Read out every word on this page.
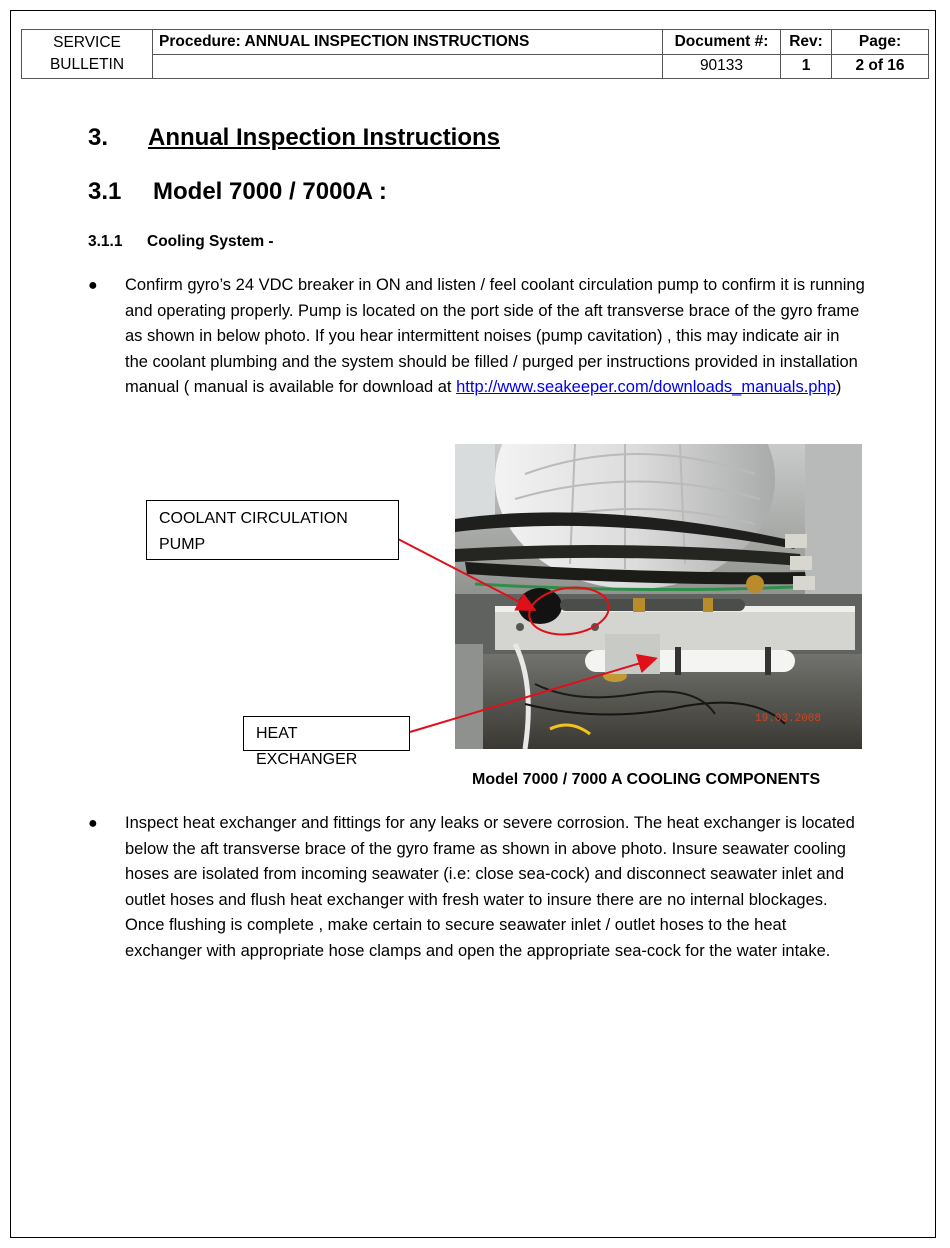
SERVICE
BULLETIN	Procedure: ANNUAL INSPECTION INSTRUCTIONS	Document #:	Rev:	Page:
		90133	1	2 of 16
3. Annual Inspection Instructions
3.1 Model 7000 / 7000A :
3.1.1 Cooling System -
● Confirm gyro’s 24 VDC breaker in ON and listen / feel coolant circulation pump to confirm it is running and operating properly. Pump is located on the port side of the aft transverse brace of the gyro frame as shown in below photo. If you hear intermittent noises (pump cavitation) , this may indicate air in the coolant plumbing and the system should be filled / purged per instructions provided in installation manual ( manual is available for download at http://www.seakeeper.com/downloads_manuals.php)
19.03.2008
COOLANT CIRCULATION PUMP
HEAT EXCHANGER
Model 7000 / 7000 A COOLING COMPONENTS
● Inspect heat exchanger and fittings for any leaks or severe corrosion. The heat exchanger is located below the aft transverse brace of the gyro frame as shown in above photo. Insure seawater cooling hoses are isolated from incoming seawater (i.e: close sea-cock) and disconnect seawater inlet and outlet hoses and flush heat exchanger with fresh water to insure there are no internal blockages. Once flushing is complete , make certain to secure seawater inlet / outlet hoses to the heat exchanger with appropriate hose clamps and open the appropriate sea-cock for the water intake.
